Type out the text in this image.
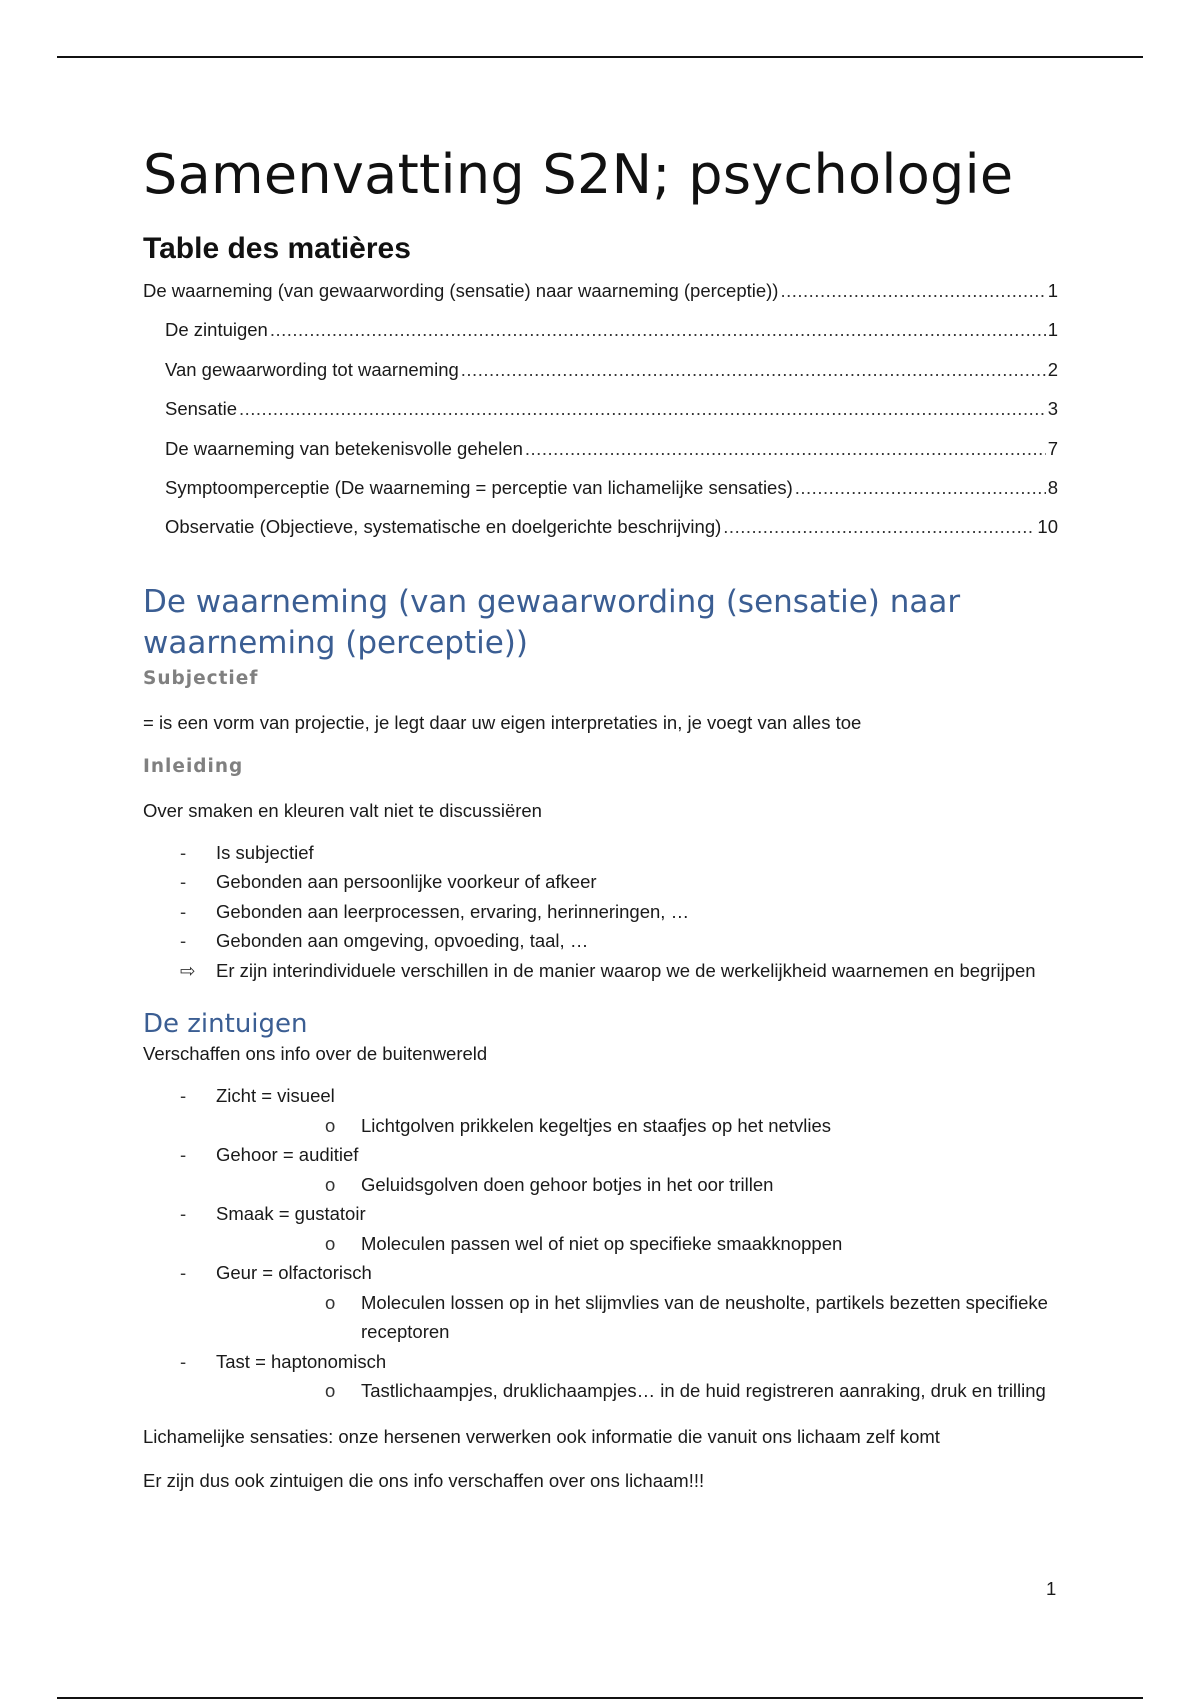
Samenvatting S2N; psychologie
Table des matières
De waarneming (van gewaarwording (sensatie) naar waarneming (perceptie)) .....	1
De zintuigen .....	1
Van gewaarwording tot waarneming .....	2
Sensatie .....	3
De waarneming van betekenisvolle gehelen .....	7
Symptoomperceptie (De waarneming = perceptie van lichamelijke sensaties) .....	8
Observatie (Objectieve, systematische en doelgerichte beschrijving) .....	10
De waarneming (van gewaarwording (sensatie) naar waarneming (perceptie))
Subjectief

= is een vorm van projectie, je legt daar uw eigen interpretaties in, je voegt van alles toe

Inleiding

Over smaken en kleuren valt niet te discussiëren

- Is subjectief
- Gebonden aan persoonlijke voorkeur of afkeer
- Gebonden aan leerprocessen, ervaring, herinneringen, …
- Gebonden aan omgeving, opvoeding, taal, …
⇨ Er zijn interindividuele verschillen in de manier waarop we de werkelijkheid waarnemen en begrijpen
De zintuigen

Verschaffen ons info over de buitenwereld

- Zicht = visueel
o Lichtgolven prikkelen kegeltjes en staafjes op het netvlies
- Gehoor = auditief
o Geluidsgolven doen gehoor botjes in het oor trillen
- Smaak = gustatoir
o Moleculen passen wel of niet op specifieke smaakknoppen
- Geur = olfactorisch
o Moleculen lossen op in het slijmvlies van de neusholte, partikels bezetten specifieke receptoren
- Tast = haptonomisch
o Tastlichaampjes, druklichaampjes… in de huid registreren aanraking, druk en trilling

Lichamelijke sensaties: onze hersenen verwerken ook informatie die vanuit ons lichaam zelf komt

Er zijn dus ook zintuigen die ons info verschaffen over ons lichaam!!!

1
